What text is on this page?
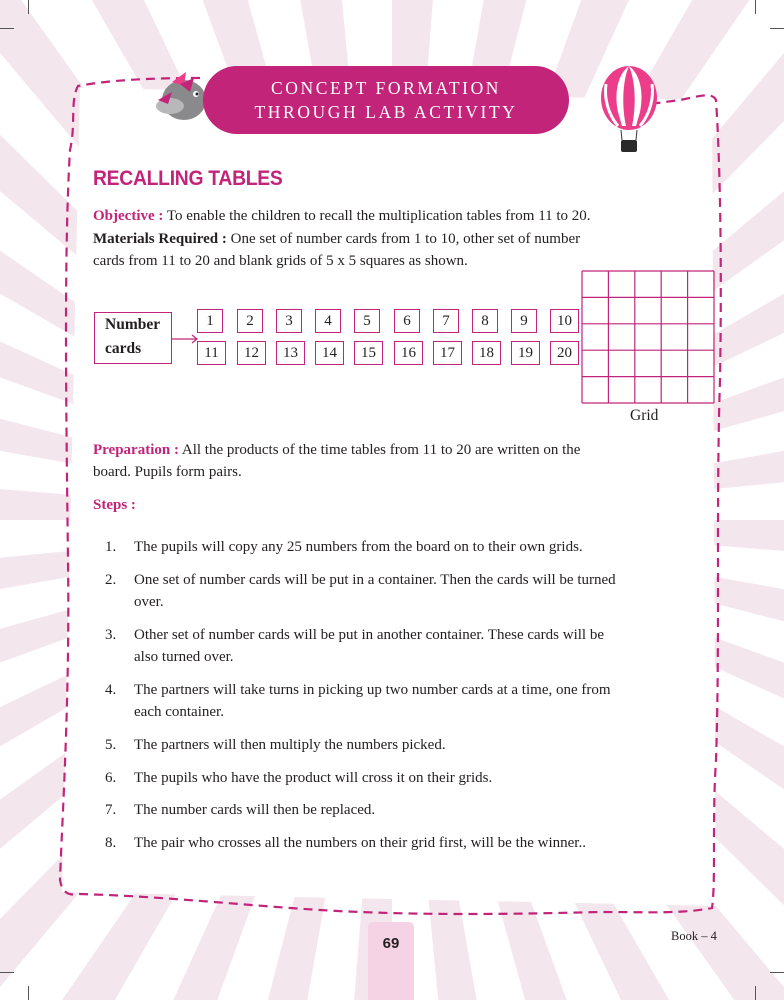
CONCEPT FORMATION
THROUGH LAB ACTIVITY
RECALLING TABLES
Objective : To enable the children to recall the multiplication tables from 11 to 20.
Materials Required : One set of number cards from 1 to 10, other set of number
cards from 11 to 20 and blank grids of 5 x 5 squares as shown.
Number
cards
1	2	3	4	5	6	7	8	9	10
11	12	13	14	15	16	17	18	19	20
Grid
Preparation : All the products of the time tables from 11 to 20 are written on the
board. Pupils form pairs.
Steps :
1. The pupils will copy any 25 numbers from the board on to their own grids.
2. One set of number cards will be put in a container. Then the cards will be turned
over.
3. Other set of number cards will be put in another container. These cards will be
also turned over.
4. The partners will take turns in picking up two number cards at a time, one from
each container.
5. The partners will then multiply the numbers picked.
6. The pupils who have the product will cross it on their grids.
7. The number cards will then be replaced.
8. The pair who crosses all the numbers on their grid first, will be the winner..
69	Book – 4
